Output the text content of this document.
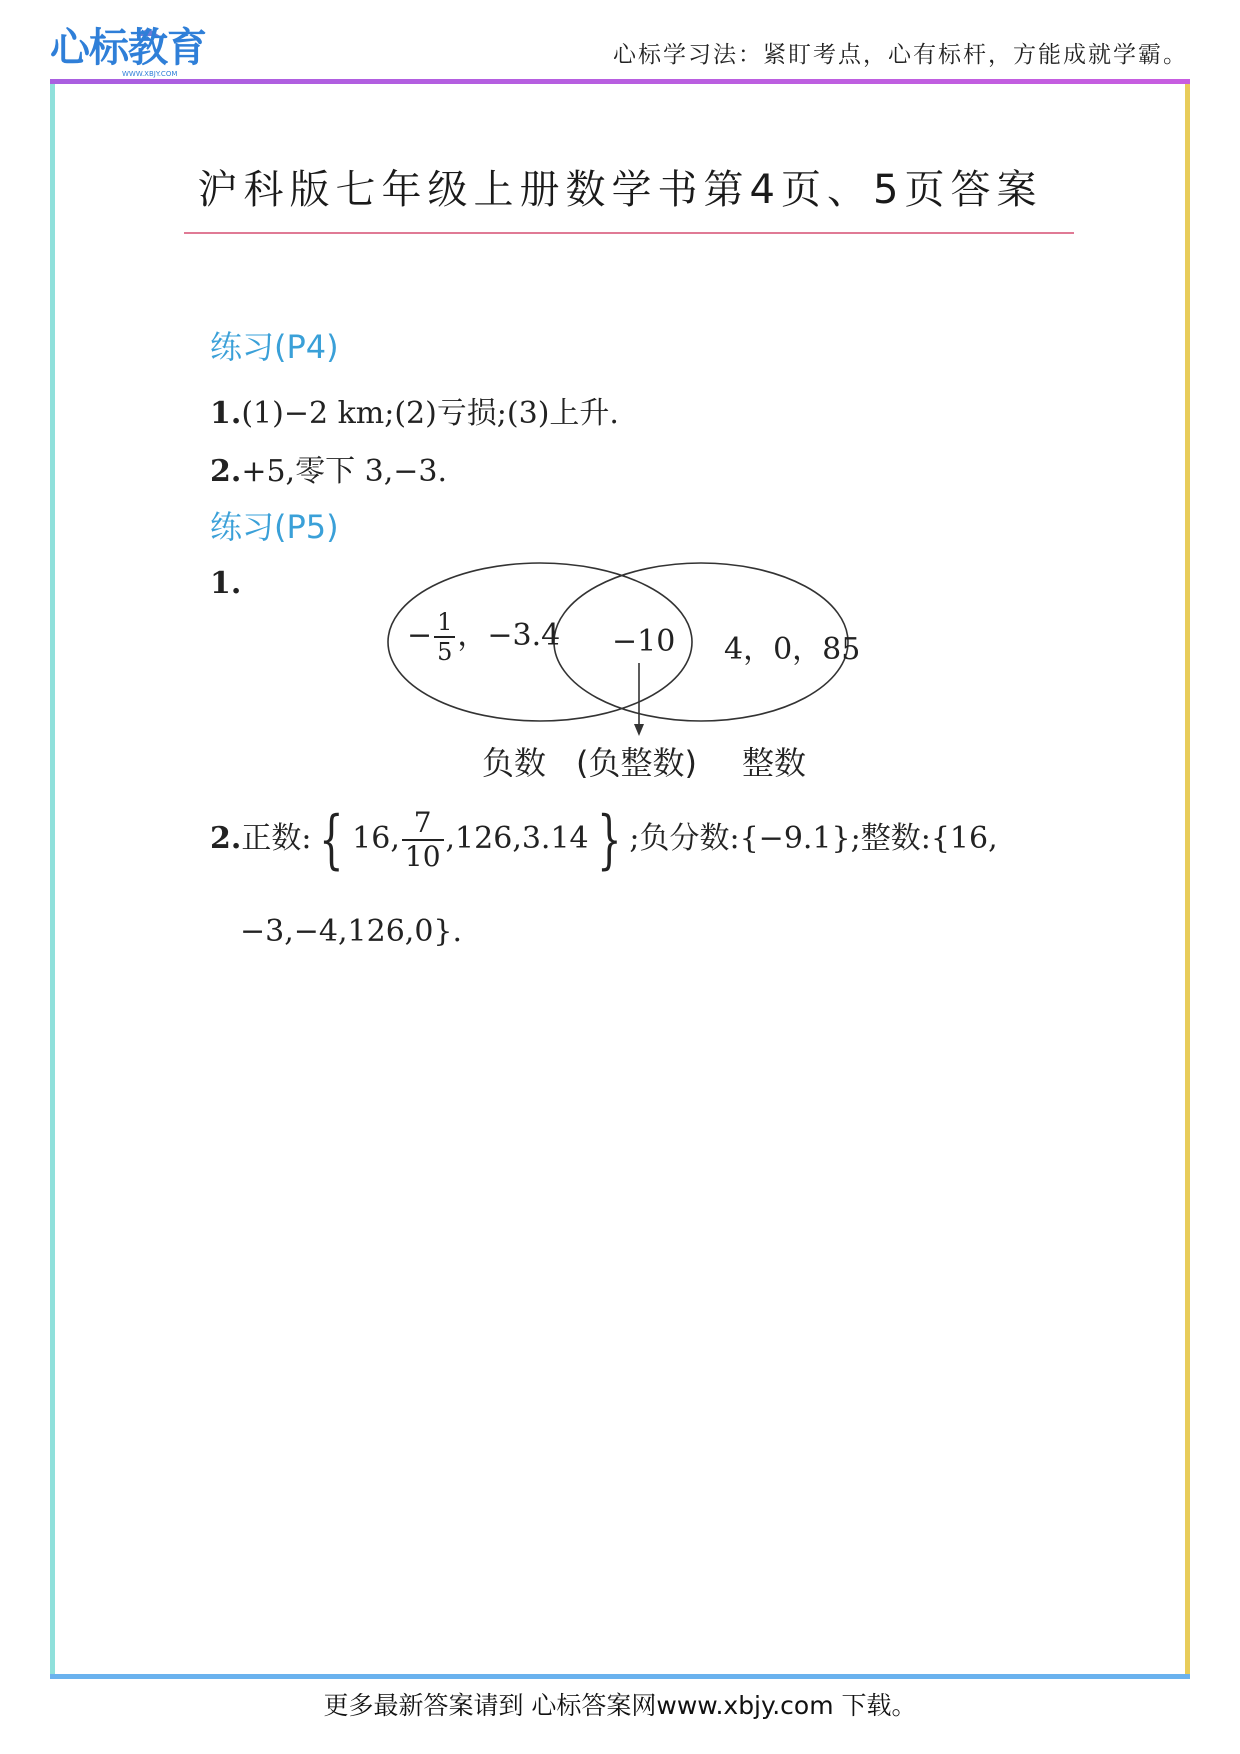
心标教育
WWW.XBJY.COM
心标学习法：紧盯考点，心有标杆，方能成就学霸。
沪科版七年级上册数学书第4页、5页答案
练习(P4)
1.(1)−2 km;(2)亏损;(3)上升.
2.+5,零下 3,−3.
练习(P5)
1.
− $\frac{1}{5}$ ，−3.4 −10 4，0，85
负数 (负整数) 整数
2.正数: { 16, $\frac{7}{10} ,126,3.14$ } ;负分数:{−9.1};整数:{16,
−3,−4,126,0}.
更多最新答案请到 心标答案网www.xbjy.com 下载。
